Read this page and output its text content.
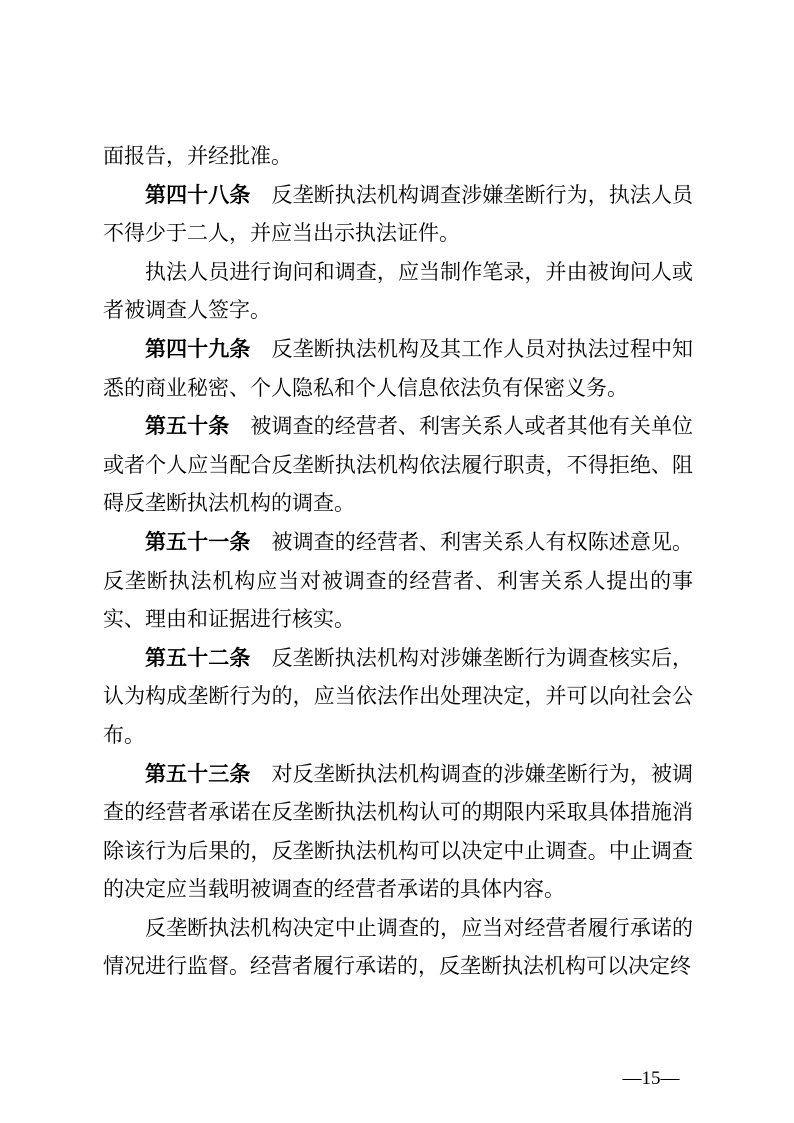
面报告，并经批准。

第四十八条　 反垄断执法机构调查涉嫌垄断行为，执法人员不得少于二人，并应当出示执法证件。

执法人员进行询问和调查，应当制作笔录，并由被询问人或者被调查人签字。

第四十九条　 反垄断执法机构及其工作人员对执法过程中知悉的商业秘密、个人隐私和个人信息依法负有保密义务。

第五十条　 被调查的经营者、利害关系人或者其他有关单位或者个人应当配合反垄断执法机构依法履行职责，不得拒绝、阻碍反垄断执法机构的调查。

第五十一条　 被调查的经营者、利害关系人有权陈述意见。反垄断执法机构应当对被调查的经营者、利害关系人提出的事实、理由和证据进行核实。

第五十二条　 反垄断执法机构对涉嫌垄断行为调查核实后，认为构成垄断行为的，应当依法作出处理决定，并可以向社会公布。

第五十三条　 对反垄断执法机构调查的涉嫌垄断行为，被调查的经营者承诺在反垄断执法机构认可的期限内采取具体措施消除该行为后果的，反垄断执法机构可以决定中止调查。中止调查的决定应当载明被调查的经营者承诺的具体内容。

反垄断执法机构决定中止调查的，应当对经营者履行承诺的情况进行监督。经营者履行承诺的，反垄断执法机构可以决定终

—15—
